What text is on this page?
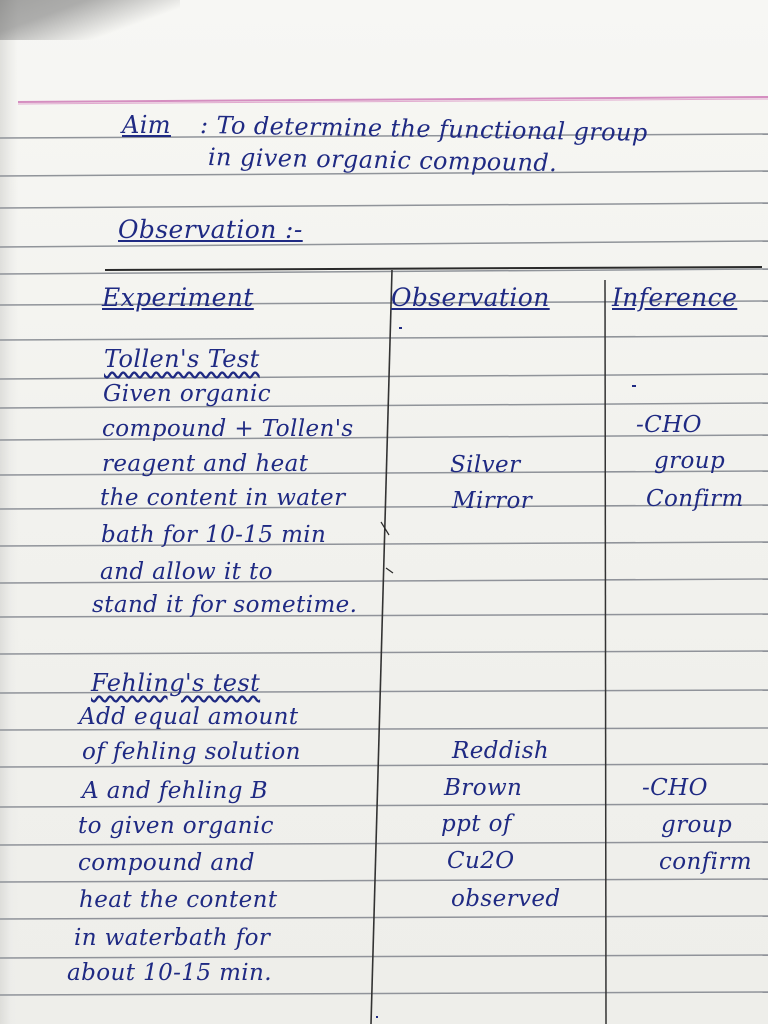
Aim : To determine the functional group
in given organic compound.
Observation :-
Experiment	Observation Inference
Tollen's Test
Given organic
compound + Tollen's
reagent and heat
the content in water
bath for 10-15 min
and allow it to
stand it for sometime.
Silver
Mirror
-CHO
group
Confirm
Fehling's test
Add equal amount
of fehling solution
A and fehling B
to given organic
compound and
heat the content
in waterbath for
about 10-15 min.
Reddish
Brown
ppt of
Cu2O
observed
-CHO
group
confirm
